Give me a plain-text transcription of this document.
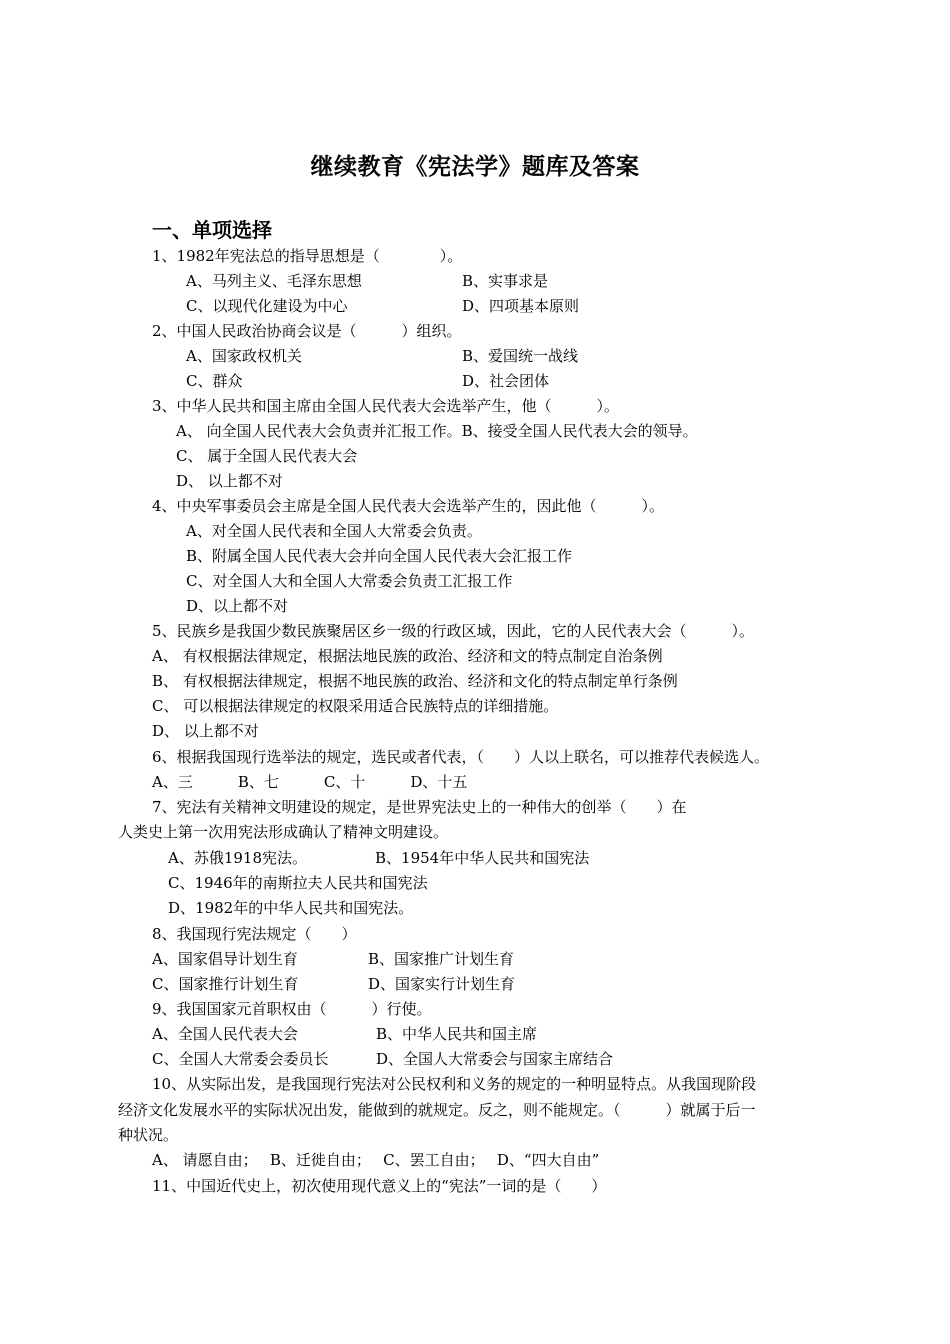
继续教育《宪法学》题库及答案
一、单项选择
1、1982年宪法总的指导思想是（　　　　）。
A、马列主义、毛泽东思想	B、实事求是
C、以现代化建设为中心	D、四项基本原则
2、中国人民政治协商会议是（　　　）组织。
A、国家政权机关	B、爱国统一战线
C、群众	D、社会团体
3、中华人民共和国主席由全国人民代表大会选举产生，他（　　　）。
A、 向全国人民代表大会负责并汇报工作。B、接受全国人民代表大会的领导。
C、 属于全国人民代表大会
D、 以上都不对
4、中央军事委员会主席是全国人民代表大会选举产生的，因此他（　　　）。
A、对全国人民代表和全国人大常委会负责。
B、附属全国人民代表大会并向全国人民代表大会汇报工作
C、对全国人大和全国人大常委会负责工汇报工作
D、以上都不对
5、民族乡是我国少数民族聚居区乡一级的行政区域，因此，它的人民代表大会（　　　）。
A、 有权根据法律规定，根据法地民族的政治、经济和文的特点制定自治条例
B、 有权根据法律规定，根据不地民族的政治、经济和文化的特点制定单行条例
C、 可以根据法律规定的权限采用适合民族特点的详细措施。
D、 以上都不对
6、根据我国现行选举法的规定，选民或者代表，（　　）人以上联名，可以推荐代表候选人。
A、三　　　B、七　　　C、十　　　D、十五
7、宪法有关精神文明建设的规定，是世界宪法史上的一种伟大的创举（　　）在
人类史上第一次用宪法形成确认了精神文明建设。
A、苏俄1918宪法。	B、1954年中华人民共和国宪法
C、1946年的南斯拉夫人民共和国宪法
D、1982年的中华人民共和国宪法。
8、我国现行宪法规定（　　）
A、国家倡导计划生育	B、国家推广计划生育
C、国家推行计划生育	D、国家实行计划生育
9、我国国家元首职权由（　　　）行使。
A、全国人民代表大会	B、中华人民共和国主席
C、全国人大常委会委员长	D、全国人大常委会与国家主席结合
10、从实际出发，是我国现行宪法对公民权利和义务的规定的一种明显特点。从我国现阶段
经济文化发展水平的实际状况出发，能做到的就规定。反之，则不能规定。（　　　）就属于后一
种状况。
A、 请愿自由；　 B、迁徙自由；　 C、罢工自由；　 D、“四大自由”
11、中国近代史上，初次使用现代意义上的“宪法”一词的是（　　）
